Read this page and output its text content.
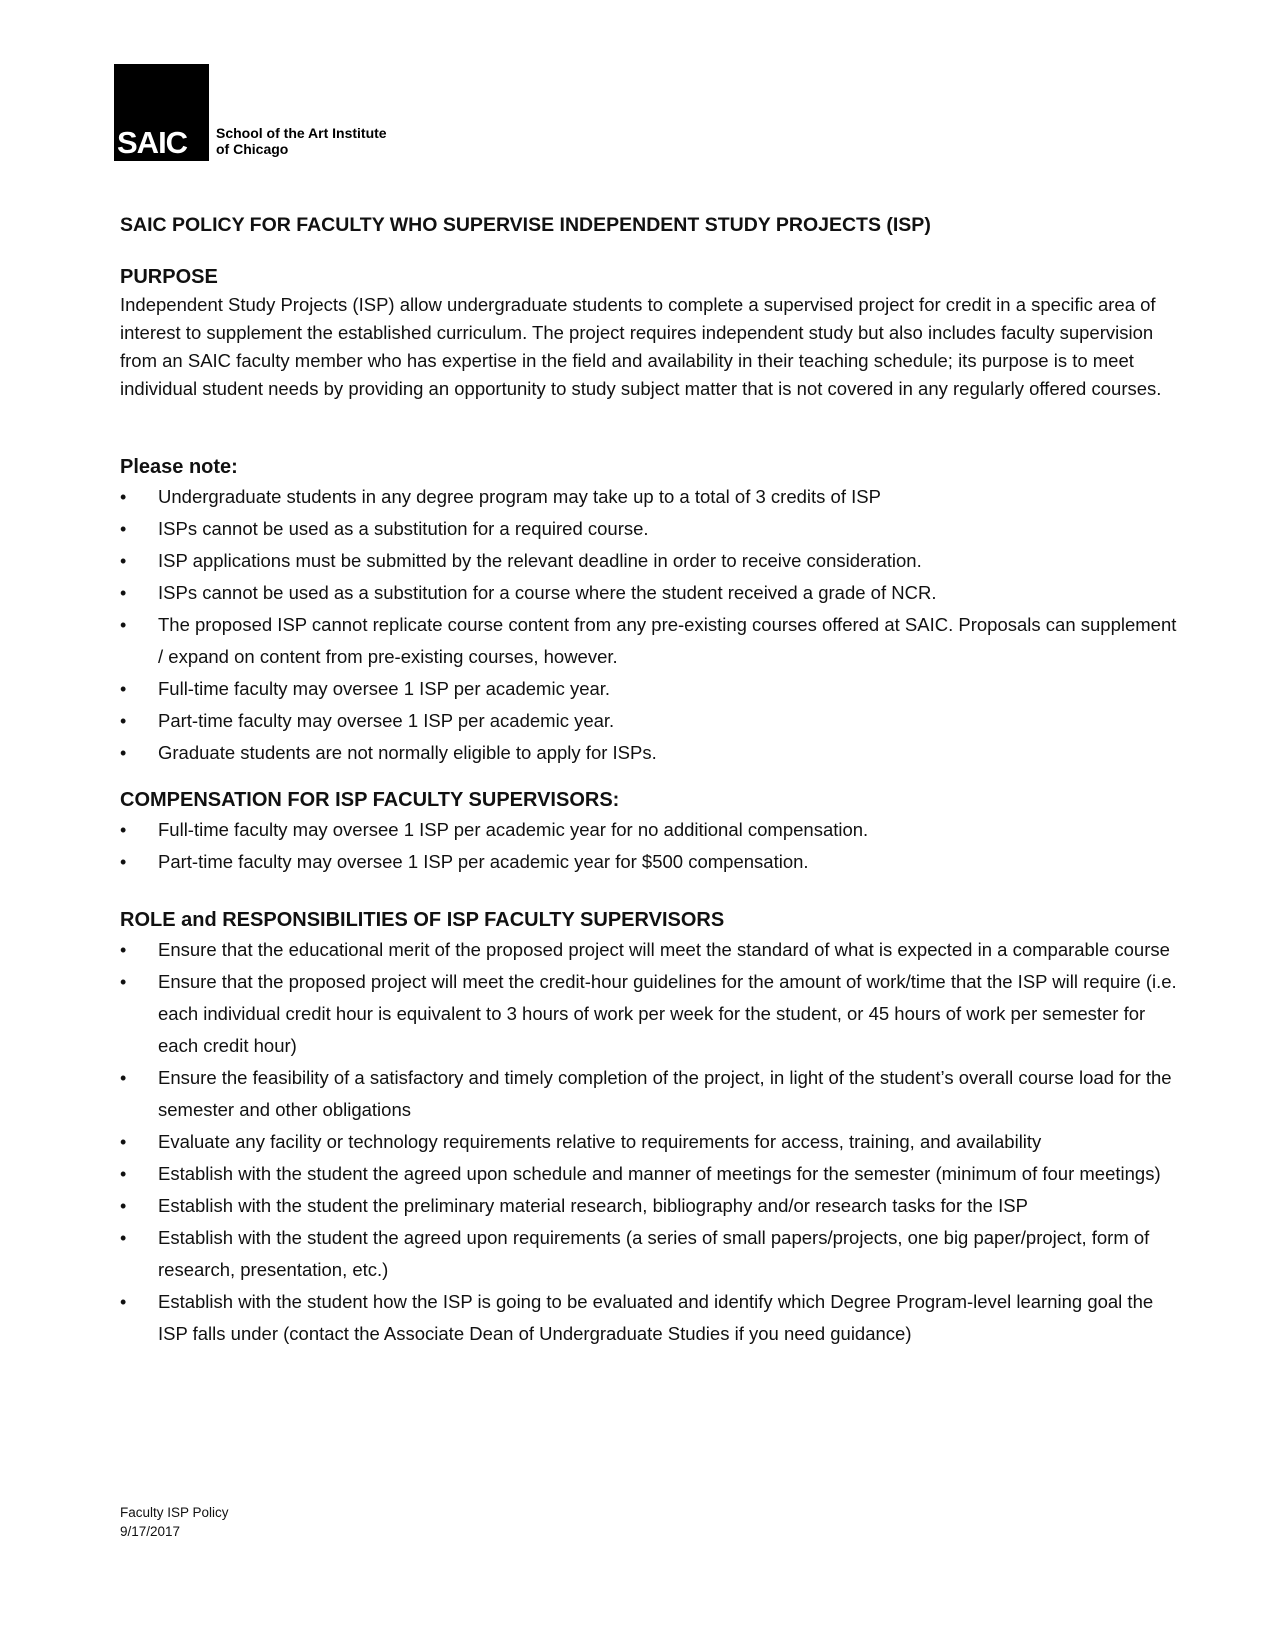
SAIC School of the Art Institute
of Chicago
SAIC POLICY FOR FACULTY WHO SUPERVISE INDEPENDENT STUDY PROJECTS (ISP)
PURPOSE

Independent Study Projects (ISP) allow undergraduate students to complete a supervised project for credit in a specific area of interest to supplement the established curriculum. The project requires independent study but also includes faculty supervision from an SAIC faculty member who has expertise in the field and availability in their teaching schedule; its purpose is to meet individual student needs by providing an opportunity to study subject matter that is not covered in any regularly offered courses.

Please note:
• Undergraduate students in any degree program may take up to a total of 3 credits of ISP
• ISPs cannot be used as a substitution for a required course.
• ISP applications must be submitted by the relevant deadline in order to receive consideration.
• ISPs cannot be used as a substitution for a course where the student received a grade of NCR.
• The proposed ISP cannot replicate course content from any pre-existing courses offered at SAIC. Proposals can supplement / expand on content from pre-existing courses, however.
• Full-time faculty may oversee 1 ISP per academic year.
• Part-time faculty may oversee 1 ISP per academic year.
• Graduate students are not normally eligible to apply for ISPs.
COMPENSATION FOR ISP FACULTY SUPERVISORS:
• Full-time faculty may oversee 1 ISP per academic year for no additional compensation.
• Part-time faculty may oversee 1 ISP per academic year for $500 compensation.
ROLE and RESPONSIBILITIES OF ISP FACULTY SUPERVISORS
• Ensure that the educational merit of the proposed project will meet the standard of what is expected in a comparable course
• Ensure that the proposed project will meet the credit-hour guidelines for the amount of work/time that the ISP will require (i.e. each individual credit hour is equivalent to 3 hours of work per week for the student, or 45 hours of work per semester for each credit hour)
• Ensure the feasibility of a satisfactory and timely completion of the project, in light of the student’s overall course load for the semester and other obligations
• Evaluate any facility or technology requirements relative to requirements for access, training, and availability
• Establish with the student the agreed upon schedule and manner of meetings for the semester (minimum of four meetings)
• Establish with the student the preliminary material research, bibliography and/or research tasks for the ISP
• Establish with the student the agreed upon requirements (a series of small papers/projects, one big paper/project, form of research, presentation, etc.)
• Establish with the student how the ISP is going to be evaluated and identify which Degree Program-level learning goal the ISP falls under (contact the Associate Dean of Undergraduate Studies if you need guidance)
Faculty ISP Policy
9/17/2017
